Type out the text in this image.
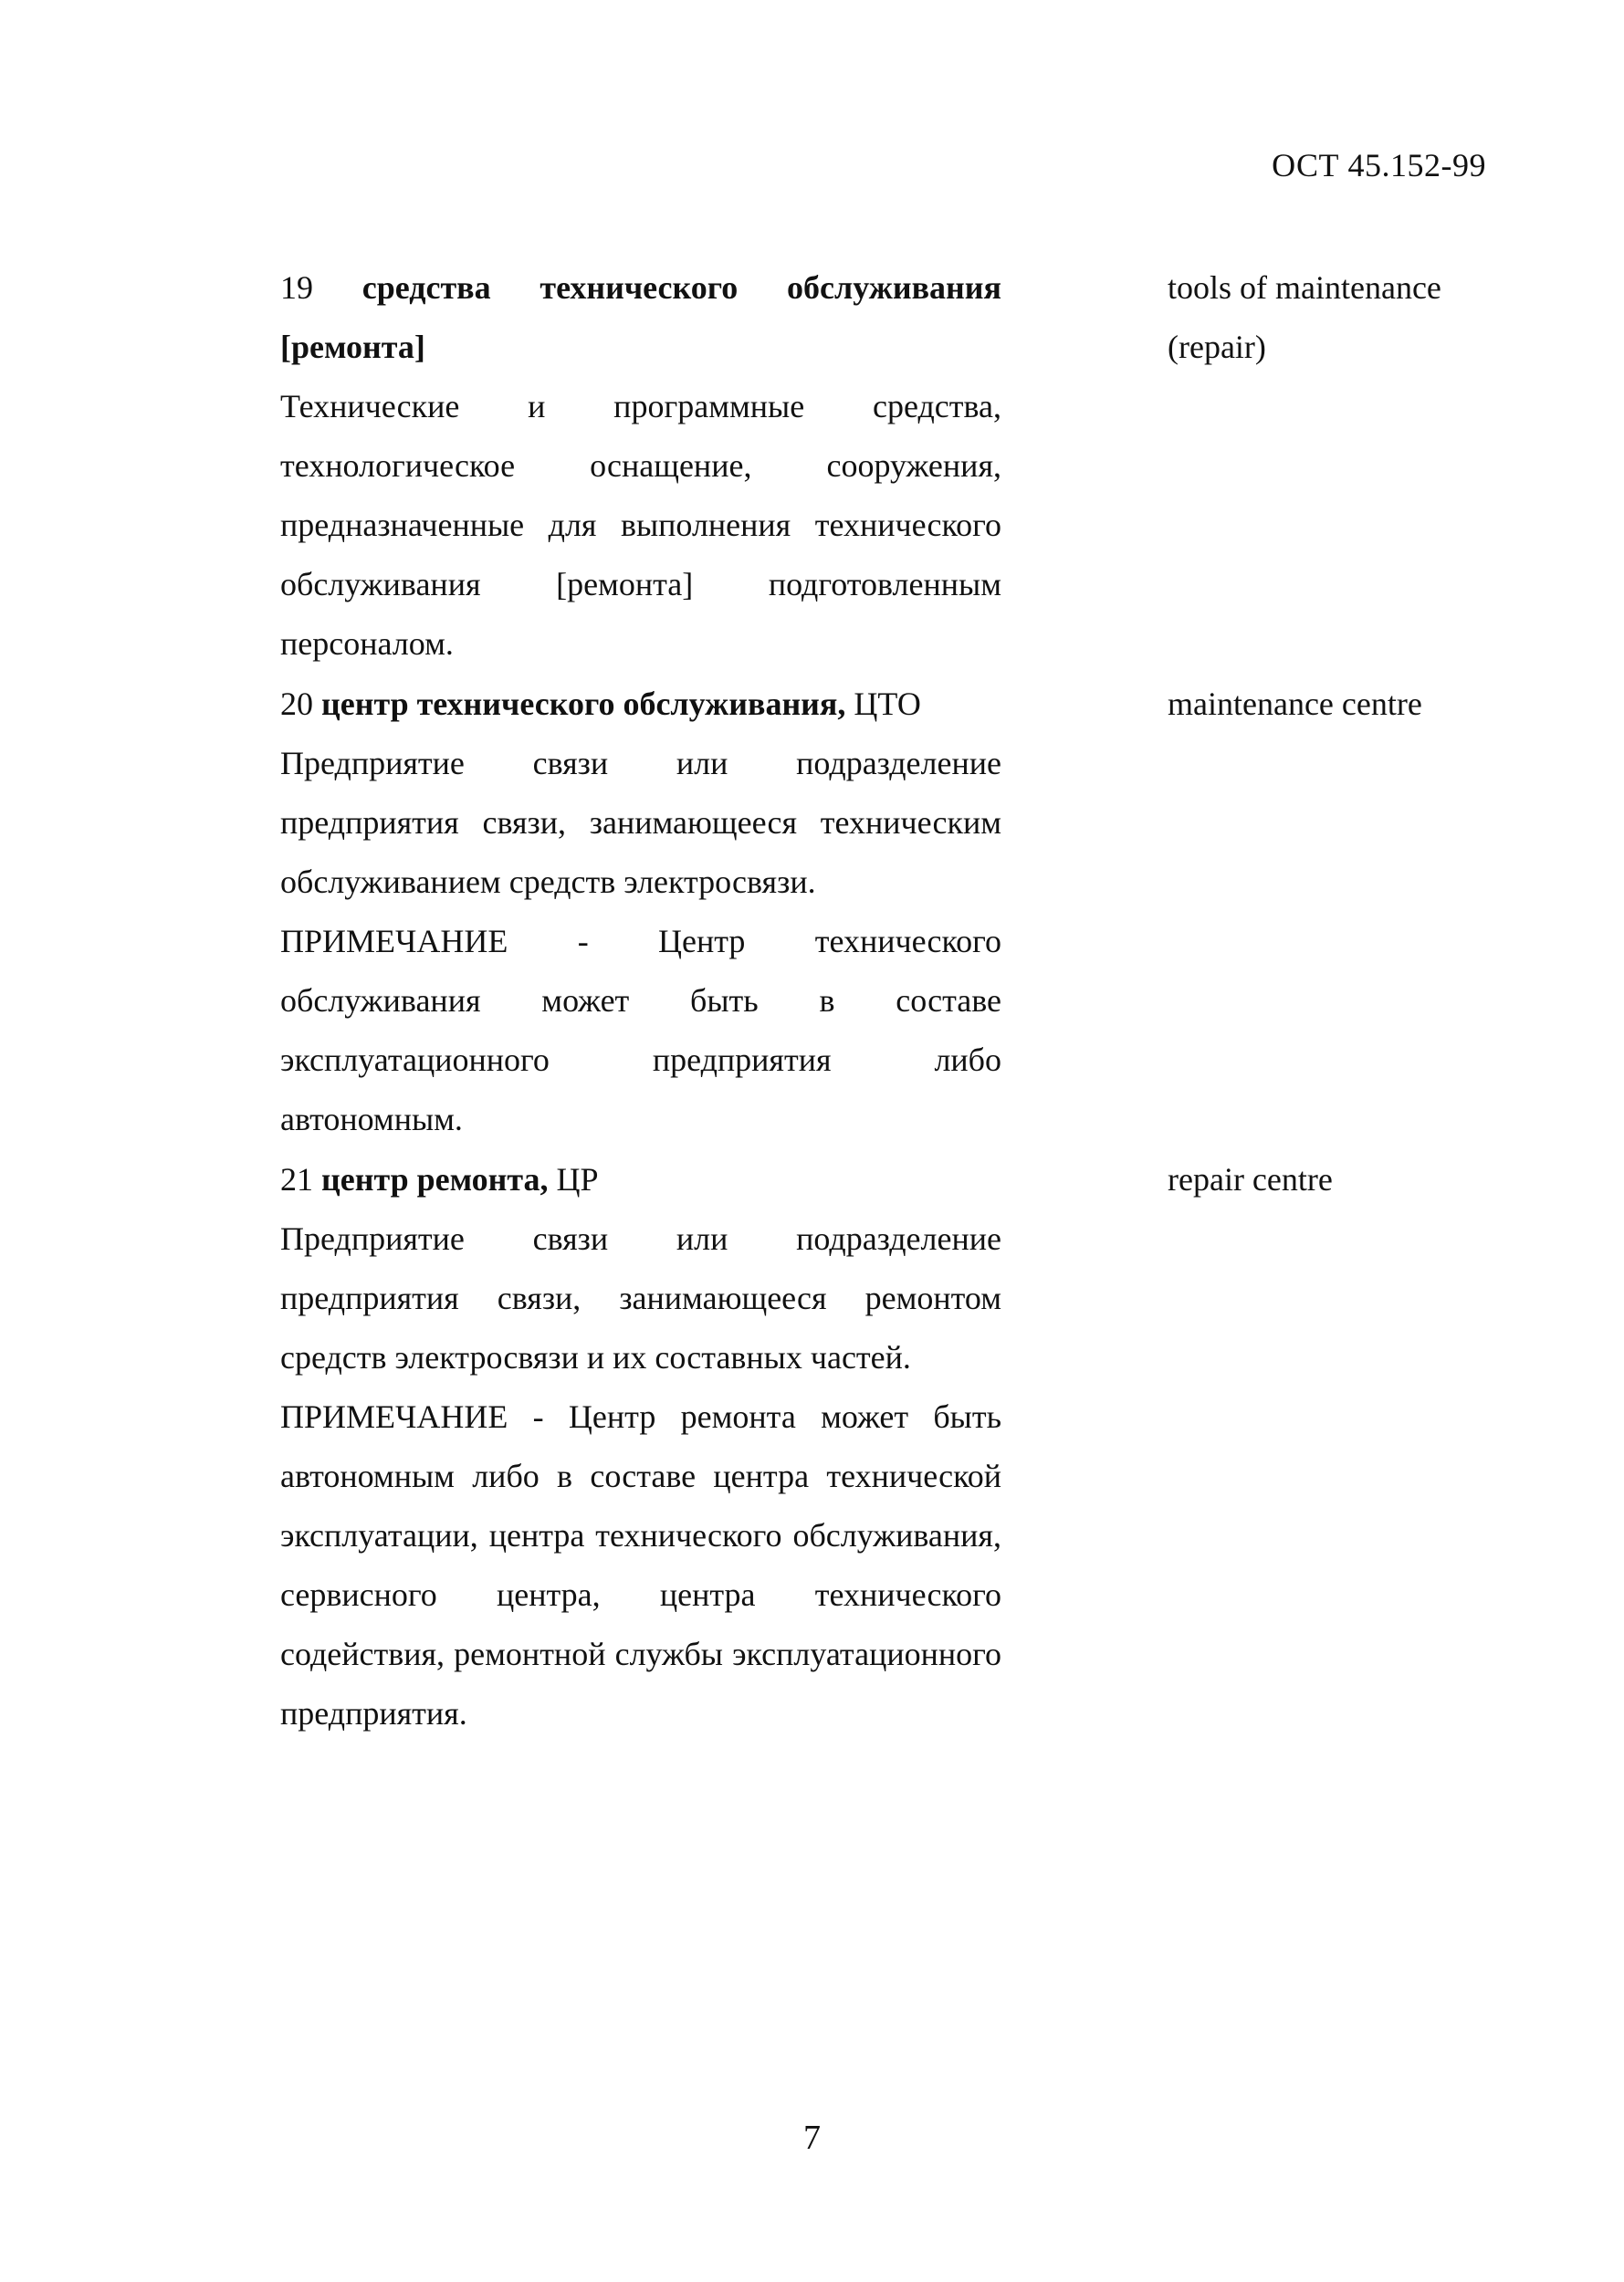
ОСТ 45.152-99

19 средства технического обслуживания [ремонта]

Технические и программные средства, технологическое оснащение, сооружения, предназначенные для выполнения технического обслуживания [ремонта] подготовленным персоналом.

tools of maintenance
(repair)

20 центр технического обслуживания, ЦТО

Предприятие связи или подразделение предприятия связи, занимающееся техническим обслуживанием средств электросвязи.

ПРИМЕЧАНИЕ - Центр технического обслуживания может быть в составе эксплуатационного предприятия либо автономным.

maintenance centre

21 центр ремонта, ЦР

Предприятие связи или подразделение предприятия связи, занимающееся ремонтом средств электросвязи и их составных частей.

ПРИМЕЧАНИЕ - Центр ремонта может быть автономным либо в составе центра технической эксплуатации, центра технического обслуживания, сервисного центра, центра технического содействия, ремонтной службы эксплуатационного предприятия.

repair centre
7
